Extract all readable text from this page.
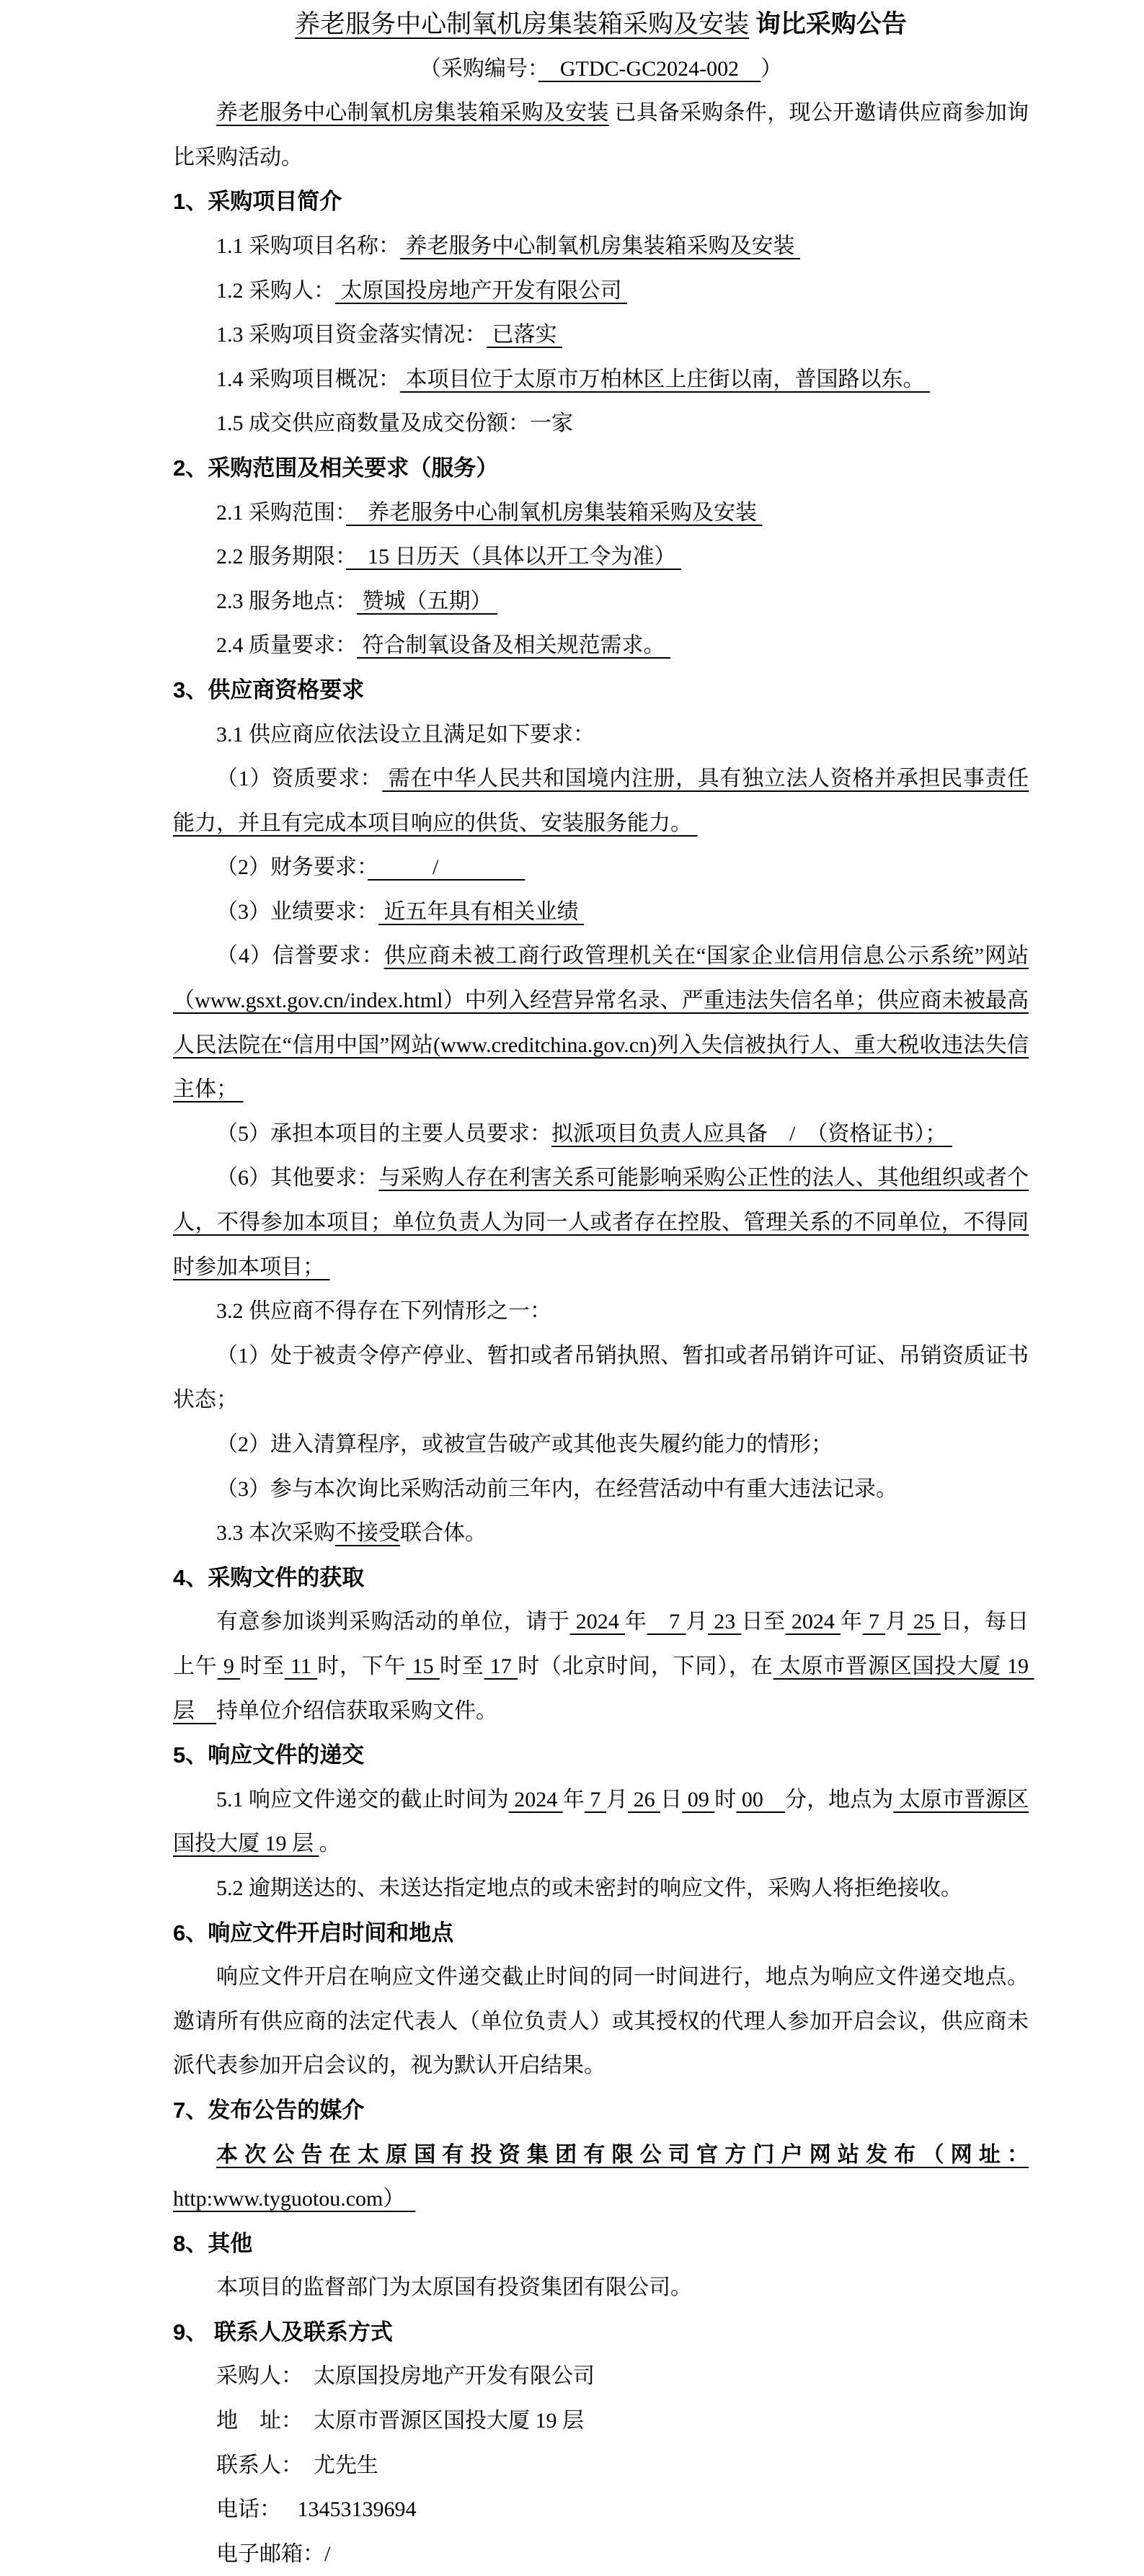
养老服务中心制氧机房集装箱采购及安装 询比采购公告
（采购编号：　GTDC-GC2024-002　）
养老服务中心制氧机房集装箱采购及安装 已具备采购条件，现公开邀请供应商参加询比采购活动。
1、采购项目简介
1.1 采购项目名称： 养老服务中心制氧机房集装箱采购及安装
1.2 采购人： 太原国投房地产开发有限公司
1.3 采购项目资金落实情况： 已落实
1.4 采购项目概况： 本项目位于太原市万柏林区上庄街以南，普国路以东。
1.5 成交供应商数量及成交份额：一家
2、采购范围及相关要求（服务）
2.1 采购范围：　养老服务中心制氧机房集装箱采购及安装
2.2 服务期限：　15 日历天（具体以开工令为准）
2.3 服务地点： 赞城（五期）
2.4 质量要求： 符合制氧设备及相关规范需求。
3、供应商资格要求
3.1 供应商应依法设立且满足如下要求：
（1）资质要求： 需在中华人民共和国境内注册，具有独立法人资格并承担民事责任能力，并且有完成本项目响应的供货、安装服务能力。
（2）财务要求：　　　/　　　　
（3）业绩要求： 近五年具有相关业绩
（4）信誉要求：供应商未被工商行政管理机关在“国家企业信用信息公示系统”网站（www.gsxt.gov.cn/index.html）中列入经营异常名录、严重违法失信名单；供应商未被最高人民法院在“信用中国”网站(www.creditchina.gov.cn)列入失信被执行人、重大税收违法失信主体；
（5）承担本项目的主要人员要求：拟派项目负责人应具备　/　（资格证书）；
（6）其他要求：与采购人存在利害关系可能影响采购公正性的法人、其他组织或者个人，不得参加本项目；单位负责人为同一人或者存在控股、管理关系的不同单位，不得同时参加本项目；
3.2 供应商不得存在下列情形之一：
（1）处于被责令停产停业、暂扣或者吊销执照、暂扣或者吊销许可证、吊销资质证书状态；
（2）进入清算程序，或被宣告破产或其他丧失履约能力的情形；
（3）参与本次询比采购活动前三年内，在经营活动中有重大违法记录。
3.3 本次采购不接受联合体。
4、采购文件的获取
有意参加谈判采购活动的单位，请于 2024 年　7 月 23 日至 2024 年 7 月 25 日，每日上午 9 时至 11 时，下午 15 时至 17 时（北京时间，下同），在 太原市晋源区国投大厦 19 层　持单位介绍信获取采购文件。
5、响应文件的递交
5.1 响应文件递交的截止时间为 2024 年 7 月 26 日 09 时 00　分，地点为 太原市晋源区国投大厦 19 层 。
5.2 逾期送达的、未送达指定地点的或未密封的响应文件，采购人将拒绝接收。
6、响应文件开启时间和地点
响应文件开启在响应文件递交截止时间的同一时间进行，地点为响应文件递交地点。邀请所有供应商的法定代表人（单位负责人）或其授权的代理人参加开启会议，供应商未派代表参加开启会议的，视为默认开启结果。
7、发布公告的媒介
本次公告在太原国有投资集团有限公司官方门户网站发布（网址：http:www.tyguotou.com）　
8、其他
本项目的监督部门为太原国有投资集团有限公司。
9、 联系人及联系方式
采购人：　太原国投房地产开发有限公司
地　址：　太原市晋源区国投大厦 19 层
联系人：　尤先生
电话：　 13453139694
电子邮箱：/
